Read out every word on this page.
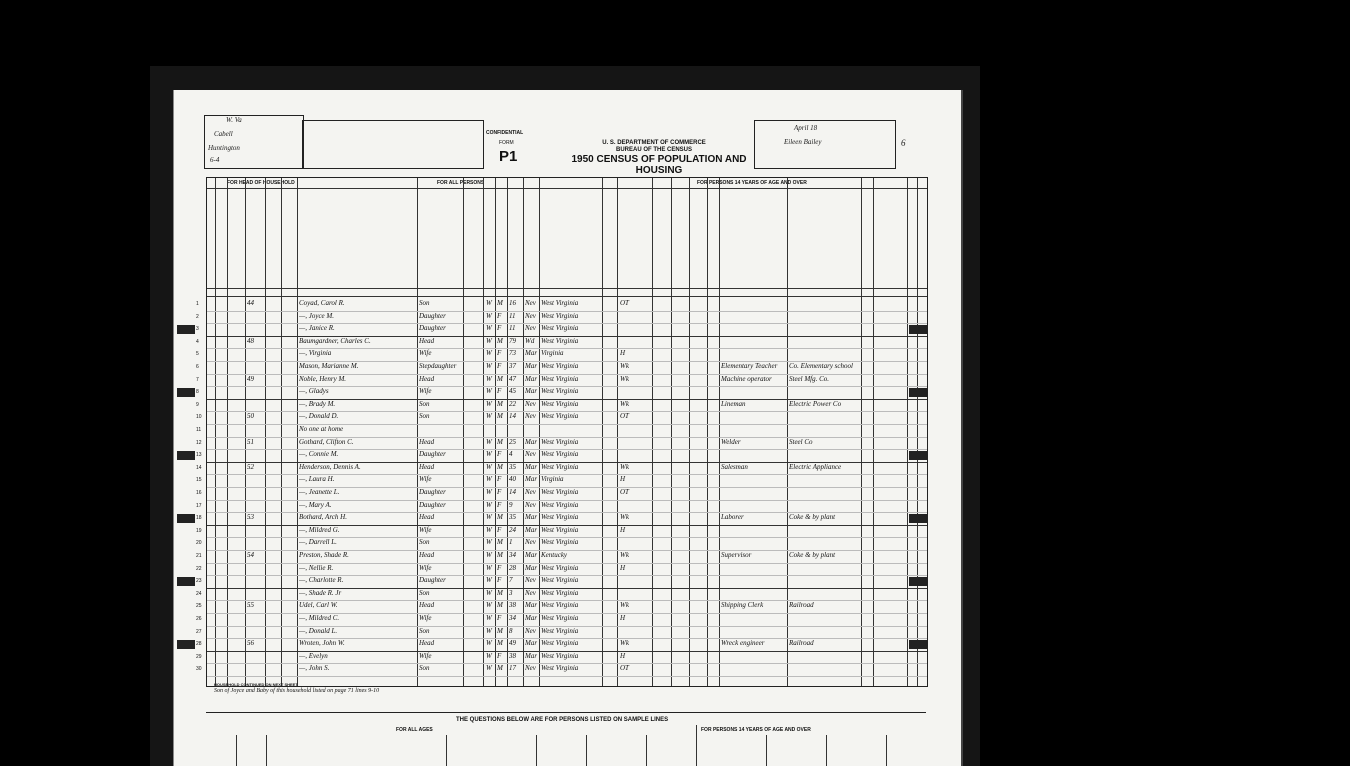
W. Va
Cabell
Huntington
6-4
CONFIDENTIAL
FORM
P1
U. S. DEPARTMENT OF COMMERCE
BUREAU OF THE CENSUS
1950 CENSUS OF POPULATION AND HOUSING
April 18
Eileen Bailey	6
FOR HEAD OF HOUSEHOLD	FOR ALL PERSONS	FOR PERSONS 14 YEARS OF AGE AND OVER
1	44	Coyad, Carol R.	Son	W M 16	Nev West Virginia	OT
2	—, Joyce M.	Daughter	W F	11	Nev West Virginia
3	—, Janice R.	Daughter	W F	11	Nev West Virginia
4	48	Baumgardner, Charles C.	Head	W M 79	Wd West Virginia
5	—, Virginia	Wife	W F	73	Mar Virginia	H
6	Mason, Marianne M.	Stepdaughter	W F	37	Mar West Virginia	Wk	Elementary Teacher	Co. Elementary school
7	49	Noble, Henry M.	Head	W M 47	Mar West Virginia	Wk	Machine operator	Steel Mfg. Co.
8	—, Gladys	Wife	W F	45	Mar West Virginia
9	—, Brady M.	Son	W M 22	Nev West Virginia	Wk	Lineman	Electric Power Co
10	50	—, Donald D.	Son	W M 14	Nev West Virginia	OT
11	No one at home
12	51	Gothard, Clifton C.	Head	W M 25	Mar West Virginia	Welder	Steel Co
13	—, Connie M.	Daughter	W F	4	Nev West Virginia
14	52	Henderson, Dennis A.	Head	W M 35	Mar West Virginia	Wk	Salesman	Electric Appliance
15	—, Laura H.	Wife	W F	40	Mar Virginia	H
16	—, Jeanette L.	Daughter	W F	14	Nev West Virginia	OT
17	—, Mary A.	Daughter	W F	9	Nev West Virginia
18	53	Bothard, Arch H.	Head	W M 35	Mar West Virginia	Wk	Laborer	Coke & by plant
19	—, Mildred G.	Wife	W F	24	Mar West Virginia	H
20	—, Darrell L.	Son	W M 1	Nev West Virginia
21	54	Preston, Shade R.	Head	W M 34	Mar Kentucky	Wk	Supervisor	Coke & by plant
22	—, Nellie R.	Wife	W F	28	Mar West Virginia	H
23	—, Charlotte R.	Daughter	W F	7	Nev West Virginia
24	—, Shade R. Jr	Son	W M 3	Nev West Virginia
25	55	Udel, Carl W.	Head	W M 38	Mar West Virginia	Wk	Shipping Clerk	Railroad
26	—, Mildred C.	Wife	W F	34	Mar West Virginia	H
27	—, Donald L.	Son	W M 8	Nev West Virginia
28	56	Wroten, John W.	Head	W M 49	Mar West Virginia	Wk	Wreck engineer	Railroad
29	—, Evelyn	Wife	W F	38	Mar West Virginia	H
30	—, John S.	Son	W M 17	Nev West Virginia	OT
HOUSEHOLD CONTINUED ON NEXT SHEET
Son of Joyce and Baby of this household listed on page 71 lines 9-10
THE QUESTIONS BELOW ARE FOR PERSONS LISTED ON SAMPLE LINES
FOR ALL AGES	FOR PERSONS 14 YEARS OF AGE AND OVER
